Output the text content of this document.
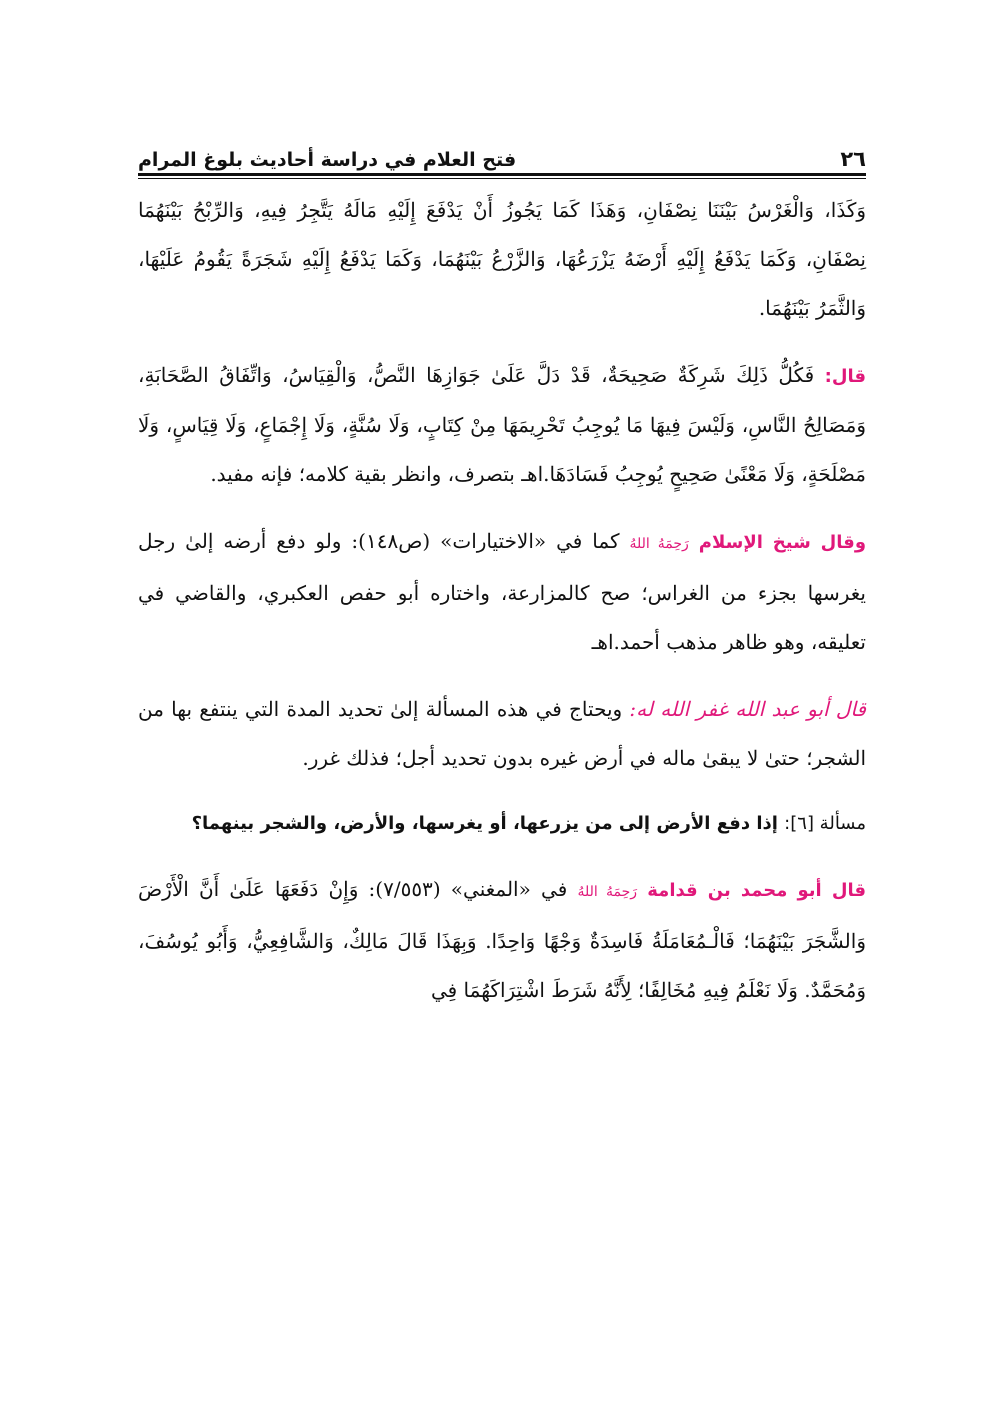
٢٦
فتح العلام في دراسة أحاديث بلوغ المرام

وَكَذَا، وَالْغَرْسُ بَيْنَنَا نِصْفَانِ، وَهَذَا كَمَا يَجُوزُ أَنْ يَدْفَعَ إِلَيْهِ مَالَهُ يَتَّجِرُ فِيهِ، وَالرِّبْحُ بَيْنَهُمَا نِصْفَانِ، وَكَمَا يَدْفَعُ إِلَيْهِ أَرْضَهُ يَزْرَعُهَا، وَالزَّرْعُ بَيْنَهُمَا، وَكَمَا يَدْفَعُ إِلَيْهِ شَجَرَةً يَقُومُ عَلَيْهَا، وَالثَّمَرُ بَيْنَهُمَا.

قال: فَكُلُّ ذَلِكَ شَرِكَةٌ صَحِيحَةٌ، قَدْ دَلَّ عَلَىٰ جَوَازِهَا النَّصُّ، وَالْقِيَاسُ، وَاتِّفَاقُ الصَّحَابَةِ، وَمَصَالِحُ النَّاسِ، وَلَيْسَ فِيهَا مَا يُوجِبُ تَحْرِيمَهَا مِنْ كِتَابٍ، وَلَا سُنَّةٍ، وَلَا إِجْمَاعٍ، وَلَا قِيَاسٍ، وَلَا مَصْلَحَةٍ، وَلَا مَعْنًىٰ صَحِيحٍ يُوجِبُ فَسَادَهَا.اهـ بتصرف، وانظر بقية كلامه؛ فإنه مفيد.

وقال شيخ الإسلام رَحِمَهُ اللهُ كما في «الاختيارات» (ص١٤٨): ولو دفع أرضه إلىٰ رجل يغرسها بجزء من الغراس؛ صح كالمزارعة، واختاره أبو حفص العكبري، والقاضي في تعليقه، وهو ظاهر مذهب أحمد.اهـ

قال أبو عبد الله غفر الله له: ويحتاج في هذه المسألة إلىٰ تحديد المدة التي ينتفع بها من الشجر؛ حتىٰ لا يبقىٰ ماله في أرض غيره بدون تحديد أجل؛ فذلك غرر.

مسألة [٦]: إذا دفع الأرض إلى من يزرعها، أو يغرسها، والأرض، والشجر بينهما؟

قال أبو محمد بن قدامة رَحِمَهُ اللهُ في «المغني» (٧/٥٥٣): وَإِنْ دَفَعَهَا عَلَىٰ أَنَّ الْأَرْضَ وَالشَّجَرَ بَيْنَهُمَا؛ فَالْـمُعَامَلَةُ فَاسِدَةٌ وَجْهًا وَاحِدًا. وَبِهَذَا قَالَ مَالِكٌ، وَالشَّافِعِيُّ، وَأَبُو يُوسُفَ، وَمُحَمَّدٌ. وَلَا نَعْلَمُ فِيهِ مُخَالِفًا؛ لِأَنَّهُ شَرَطَ اشْتِرَاكَهُمَا فِي
